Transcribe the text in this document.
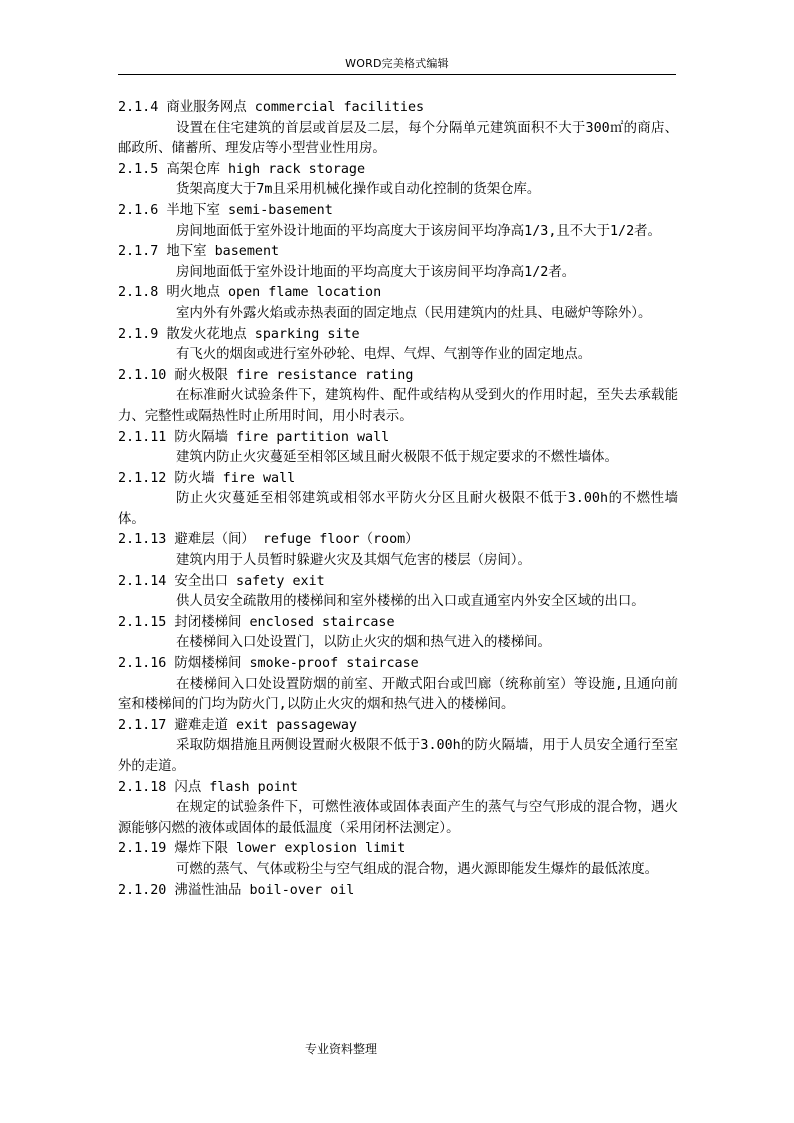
WORD完美格式编辑
2.1.4 商业服务网点 commercial facilities
设置在住宅建筑的首层或首层及二层，每个分隔单元建筑面积不大于300㎡的商店、邮政所、储蓄所、理发店等小型营业性用房。
2.1.5 高架仓库 high rack storage
货架高度大于7m且采用机械化操作或自动化控制的货架仓库。
2.1.6 半地下室 semi-basement
房间地面低于室外设计地面的平均高度大于该房间平均净高1/3,且不大于1/2者。
2.1.7 地下室 basement
房间地面低于室外设计地面的平均高度大于该房间平均净高1/2者。
2.1.8 明火地点 open flame location
室内外有外露火焰或赤热表面的固定地点（民用建筑内的灶具、电磁炉等除外）。
2.1.9 散发火花地点 sparking site
有飞火的烟囱或进行室外砂轮、电焊、气焊、气割等作业的固定地点。
2.1.10 耐火极限 fire resistance rating
在标准耐火试验条件下，建筑构件、配件或结构从受到火的作用时起，至失去承载能力、完整性或隔热性时止所用时间，用小时表示。
2.1.11 防火隔墙 fire partition wall
建筑内防止火灾蔓延至相邻区域且耐火极限不低于规定要求的不燃性墙体。
2.1.12 防火墙 fire wall
防止火灾蔓延至相邻建筑或相邻水平防火分区且耐火极限不低于3.00h的不燃性墙体。
2.1.13 避难层（间） refuge floor（room）
建筑内用于人员暂时躲避火灾及其烟气危害的楼层（房间）。
2.1.14 安全出口 safety exit
供人员安全疏散用的楼梯间和室外楼梯的出入口或直通室内外安全区域的出口。
2.1.15 封闭楼梯间 enclosed staircase
在楼梯间入口处设置门，以防止火灾的烟和热气进入的楼梯间。
2.1.16 防烟楼梯间 smoke-proof staircase
在楼梯间入口处设置防烟的前室、开敞式阳台或凹廊（统称前室）等设施,且通向前室和楼梯间的门均为防火门,以防止火灾的烟和热气进入的楼梯间。
2.1.17 避难走道 exit passageway
采取防烟措施且两侧设置耐火极限不低于3.00h的防火隔墙，用于人员安全通行至室外的走道。
2.1.18 闪点 flash point
在规定的试验条件下，可燃性液体或固体表面产生的蒸气与空气形成的混合物，遇火源能够闪燃的液体或固体的最低温度（采用闭杯法测定）。
2.1.19 爆炸下限 lower explosion limit
可燃的蒸气、气体或粉尘与空气组成的混合物，遇火源即能发生爆炸的最低浓度。
2.1.20 沸溢性油品 boil-over oil
专业资料整理
